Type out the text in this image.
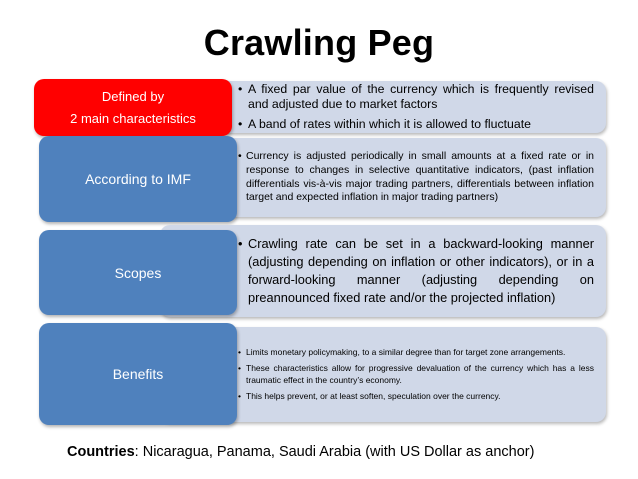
Crawling Peg
• A fixed par value of the currency which is frequently revised and adjusted due to market factors
• A band of rates within which it is allowed to fluctuate
Defined by
2 main characteristics
• Currency is adjusted periodically in small amounts at a fixed rate or in response to changes in selective quantitative indicators, (past inflation differentials vis-à-vis major trading partners, differentials between inflation target and expected inflation in major trading partners)
According to IMF
• Crawling rate can be set in a backward-looking manner (adjusting depending on inflation or other indicators), or in a forward-looking manner (adjusting depending on preannounced fixed rate and/or the projected inflation)
Scopes
• Limits monetary policymaking, to a similar degree than for target zone arrangements.
• These characteristics allow for progressive devaluation of the currency which has a less traumatic effect in the country’s economy.
• This helps prevent, or at least soften, speculation over the currency.
Benefits
Countries: Nicaragua, Panama, Saudi Arabia (with US Dollar as anchor)
